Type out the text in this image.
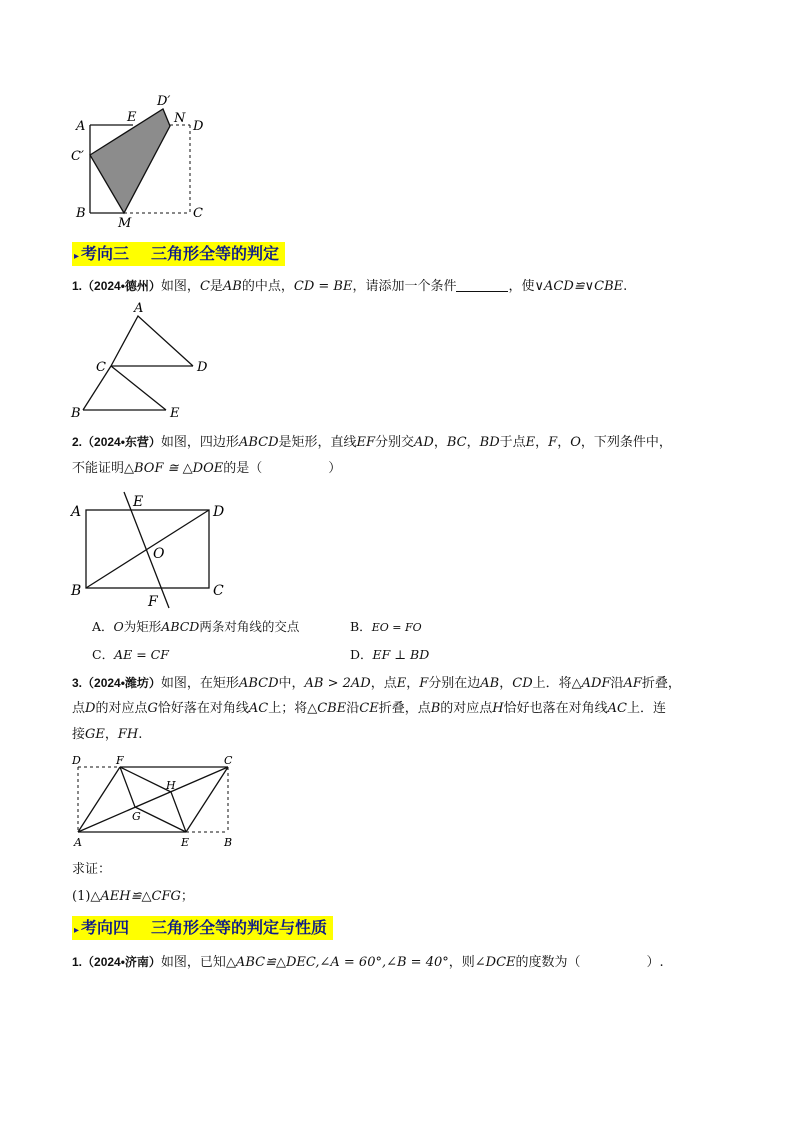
A
E
D′
N
D
C′
B
M
C
▸ 考向三 三角形全等的判定
1.（2024•德州）如图，C是AB的中点，CD = BE，请添加一个条件	，使∨ACD≌∨CBE.
A
C	D
B	E
2.（2024•东营）如图，四边形ABCD是矩形，直线EF分别交AD，BC，BD于点E，F，O，下列条件中，
不能证明△BOF ≅ △DOE的是（	）
A
E
D
O
B	C
F
A．O为矩形ABCD两条对角线的交点	B．EO = FO
C．AE = CF	D．EF ⊥ BD
3.（2024•潍坊）如图，在矩形ABCD中，AB > 2AD，点E，F分别在边AB，CD上．将△ADF沿AF折叠，
点D的对应点G恰好落在对角线AC上；将△CBE沿CE折叠，点B的对应点H恰好也落在对角线AC上．连
接GE，FH.
D	F	C
H
G
A	E	B
求证：
(1)△AEH≌△CFG；
▸ 考向四 三角形全等的判定与性质
1.（2024•济南）如图，已知△ABC≌△DEC,∠A = 60°,∠B = 40°，则∠DCE的度数为（	）.
